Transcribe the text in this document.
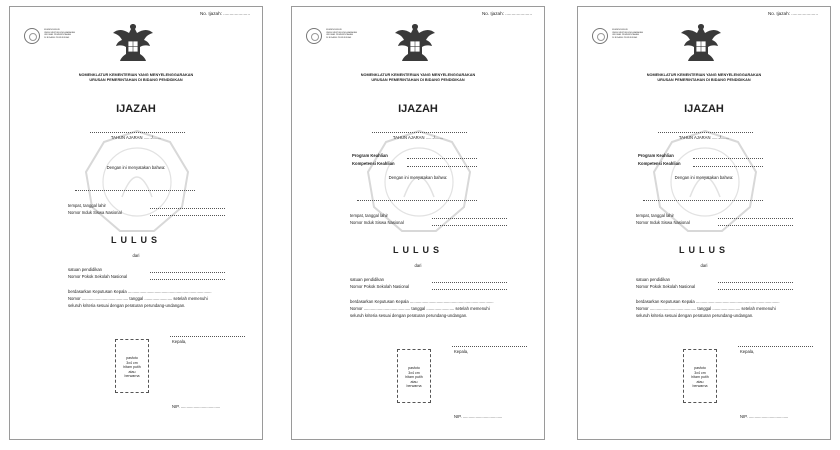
No. Ijazah: .....................
KEMENDIKBUD
YANG MENYELENGGARAKAN
URUSAN PEMERINTAHAN
DI BIDANG PENDIDIKAN
NOMENKLATUR KEMENTERIAN YANG MENYELENGGARAKAN
URUSAN PEMERINTAHAN DI BIDANG PENDIDIKAN
IJAZAH
TAHUN AJARAN ......./.......
Dengan ini menyatakan bahwa:
tempat, tanggal lahir
Nomor Induk Siswa Nasional
LULUS
dari
satuan pendidikan
Nomor Pokok Sekolah Nasional
berdasarkan Keputusan Kepala ........................................................................
Nomor ........................................ tanggal ........................ setelah memenuhi
seluruh kriteria sesuai dengan peraturan perundang-undangan.
Kepala,
pasfoto
3x4 cm
hitam putih
atau
berwarna
NIP. ..................................
No. Ijazah: .....................
KEMENDIKBUD
YANG MENYELENGGARAKAN
URUSAN PEMERINTAHAN
DI BIDANG PENDIDIKAN
NOMENKLATUR KEMENTERIAN YANG MENYELENGGARAKAN
URUSAN PEMERINTAHAN DI BIDANG PENDIDIKAN
IJAZAH
TAHUN AJARAN ......./.......
Program Keahlian
Kompetensi Keahlian
Dengan ini menyatakan bahwa:
tempat, tanggal lahir
Nomor Induk Siswa Nasional
LULUS
dari
satuan pendidikan
Nomor Pokok Sekolah Nasional
berdasarkan Keputusan Kepala ........................................................................
Nomor ........................................ tanggal ........................ setelah memenuhi
seluruh kriteria sesuai dengan peraturan perundang-undangan.
Kepala,
pasfoto
3x4 cm
hitam putih
atau
berwarna
NIP. ..................................
No. Ijazah: .....................
KEMENDIKBUD
YANG MENYELENGGARAKAN
URUSAN PEMERINTAHAN
DI BIDANG PENDIDIKAN
NOMENKLATUR KEMENTERIAN YANG MENYELENGGARAKAN
URUSAN PEMERINTAHAN DI BIDANG PENDIDIKAN
IJAZAH
TAHUN AJARAN ......./.......
Program Keahlian
Kompetensi Keahlian
Dengan ini menyatakan bahwa:
tempat, tanggal lahir
Nomor Induk Siswa Nasional
LULUS
dari
satuan pendidikan
Nomor Pokok Sekolah Nasional
berdasarkan Keputusan Kepala ........................................................................
Nomor ........................................ tanggal ........................ setelah memenuhi
seluruh kriteria sesuai dengan peraturan perundang-undangan.
Kepala,
pasfoto
3x4 cm
hitam putih
atau
berwarna
NIP. ..................................
